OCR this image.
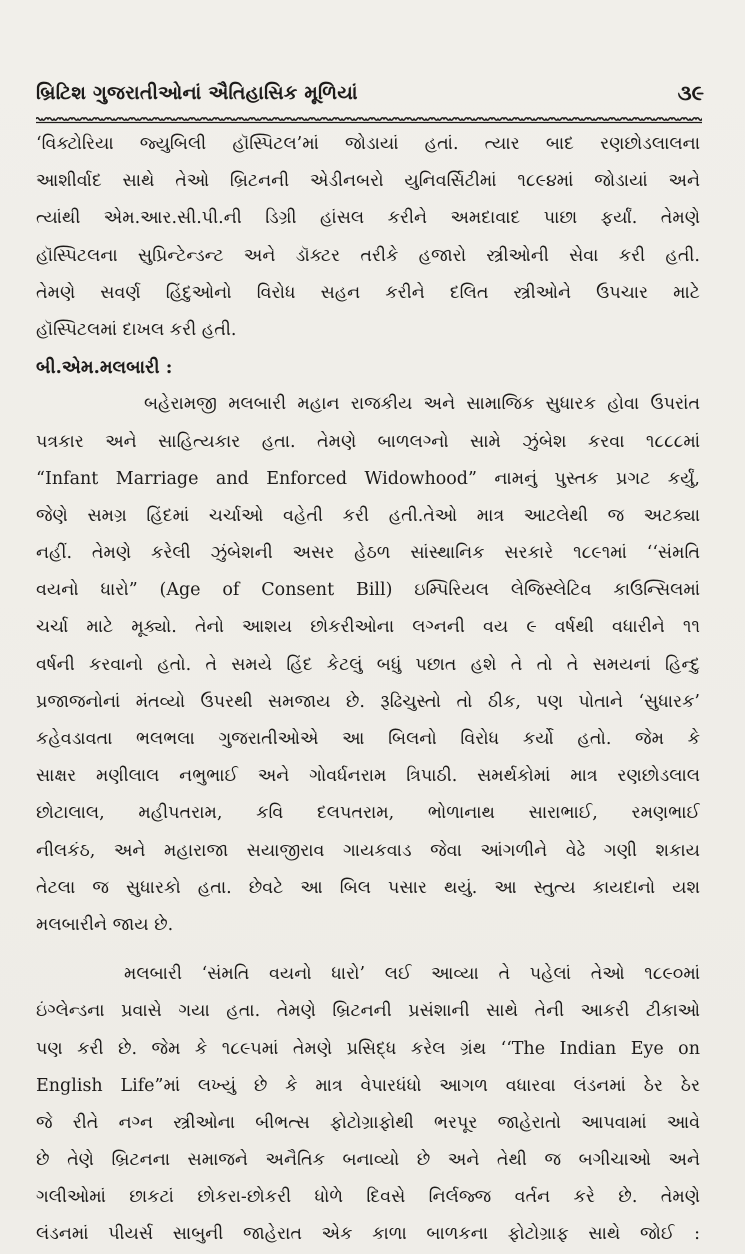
બ્રિટિશ ગુજરાતીઓનાં ઐતિહાસિક મૂળિયાં	૩૯
‘વિક્ટોરિયા જ્યુબિલી હૉસ્પિટલ’માં જોડાયાં હતાં. ત્યાર બાદ રણછોડલાલના
આશીર્વાદ સાથે તેઓ બ્રિટનની એડીનબરો યુનિવર્સિટીમાં ૧૮૯૪માં જોડાયાં અને
ત્યાંથી એમ.આર.સી.પી.ની ડિગ્રી હાંસલ કરીને અમદાવાદ પાછા ફર્યાં. તેમણે
હૉસ્પિટલના સુપ્રિન્ટેન્ડન્ટ અને ડૉક્ટર તરીકે હજારો સ્ત્રીઓની સેવા કરી હતી.
તેમણે સવર્ણ હિંદુઓનો વિરોધ સહન કરીને દલિત સ્ત્રીઓને ઉપચાર માટે
હૉસ્પિટલમાં દાખલ કરી હતી.
બી.એમ.મલબારી :
બહેરામજી મલબારી મહાન રાજકીય અને સામાજિક સુધારક હોવા ઉપરાંત
પત્રકાર અને સાહિત્યકાર હતા. તેમણે બાળલગ્નો સામે ઝુંબેશ કરવા ૧૮૮૮માં
“Infant Marriage and Enforced Widowhood” નામનું પુસ્તક પ્રગટ કર્યું,
જેણે સમગ્ર હિંદમાં ચર્ચાઓ વહેતી કરી હતી.તેઓ માત્ર આટલેથી જ અટક્યા
નહીં. તેમણે કરેલી ઝુંબેશની અસર હેઠળ સાંસ્થાનિક સરકારે ૧૮૯૧માં ‘‘સંમતિ
વયનો ધારો” (Age of Consent Bill) ઇમ્પિરિયલ લેજિસ્લેટિવ કાઉન્સિલમાં
ચર્ચા માટે મૂક્યો. તેનો આશય છોકરીઓના લગ્નની વય ૯ વર્ષથી વધારીને ૧૧
વર્ષની કરવાનો હતો. તે સમયે હિંદ કેટલું બધું પછાત હશે તે તો તે સમયનાં હિન્દુ
પ્રજાજનોનાં મંતવ્યો ઉપરથી સમજાય છે. રૂઢિચુસ્તો તો ઠીક, પણ પોતાને ‘સુધારક’
કહેવડાવતા ભલભલા ગુજરાતીઓએ આ બિલનો વિરોધ કર્યો હતો. જેમ કે
સાક્ષર મણીલાલ નભુભાઈ અને ગોવર્ધનરામ ત્રિપાઠી. સમર્થકોમાં માત્ર રણછોડલાલ
છોટાલાલ, મહીપતરામ, કવિ દલપતરામ, ભોળાનાથ સારાભાઈ, રમણભાઈ
નીલકંઠ, અને મહારાજા સયાજીરાવ ગાયકવાડ જેવા આંગળીને વેઢે ગણી શકાય
તેટલા જ સુધારકો હતા. છેવટે આ બિલ પસાર થયું. આ સ્તુત્ય કાયદાનો યશ
મલબારીને જાય છે.
મલબારી ‘સંમતિ વયનો ધારો’ લઈ આવ્યા તે પહેલાં તેઓ ૧૮૯૦માં
ઇંગ્લેન્ડના પ્રવાસે ગયા હતા. તેમણે બ્રિટનની પ્રસંશાની સાથે તેની આકરી ટીકાઓ
પણ કરી છે. જેમ કે ૧૮૯૫માં તેમણે પ્રસિદ્ધ કરેલ ગ્રંથ ‘‘The Indian Eye on
English Life”માં લખ્યું છે કે માત્ર વેપારધંધો આગળ વધારવા લંડનમાં ઠેર ઠેર
જે રીતે નગ્ન સ્ત્રીઓના બીભત્સ ફોટોગ્રાફોથી ભરપૂર જાહેરાતો આપવામાં આવે
છે તેણે બ્રિટનના સમાજને અનૈતિક બનાવ્યો છે અને તેથી જ બગીચાઓ અને
ગલીઓમાં છાકટાં છોકરા-છોકરી ધોળે દિવસે નિર્લજ્જ વર્તન કરે છે. તેમણે
લંડનમાં પીયર્સ સાબુની જાહેરાત એક કાળા બાળકના ફોટોગ્રાફ સાથે જોઈ :
